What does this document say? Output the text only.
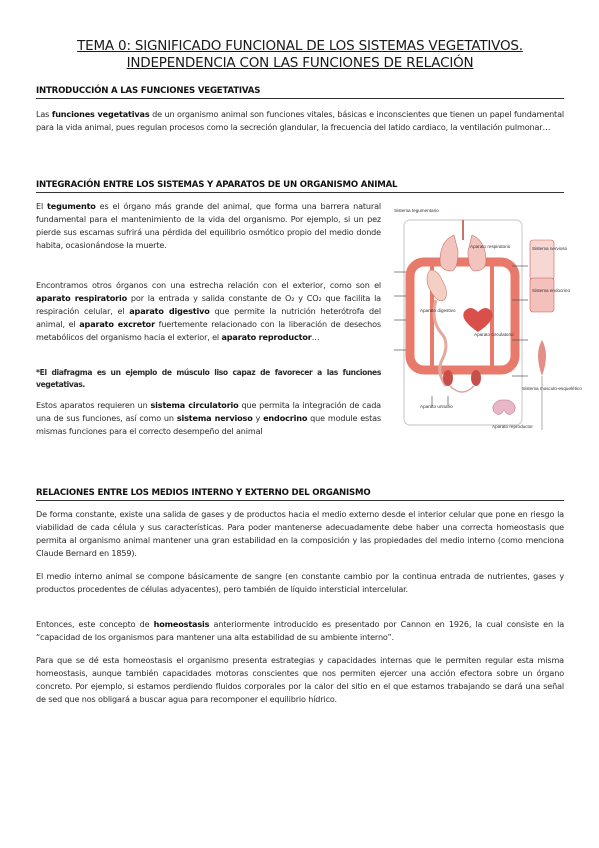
TEMA 0: SIGNIFICADO FUNCIONAL DE LOS SISTEMAS VEGETATIVOS.
INDEPENDENCIA CON LAS FUNCIONES DE RELACIÓN
INTRODUCCIÓN A LAS FUNCIONES VEGETATIVAS
Las funciones vegetativas de un organismo animal son funciones vitales, básicas e inconscientes que tienen un papel fundamental para la vida animal, pues regulan procesos como la secreción glandular, la frecuencia del latido cardiaco, la ventilación pulmonar…
INTEGRACIÓN ENTRE LOS SISTEMAS Y APARATOS DE UN ORGANISMO ANIMAL
El tegumento es el órgano más grande del animal, que forma una barrera natural fundamental para el mantenimiento de la vida del organismo. Por ejemplo, si un pez pierde sus escamas sufrirá una pérdida del equilibrio osmótico propio del medio donde habita, ocasionándose la muerte.
Encontramos otros órganos con una estrecha relación con el exterior, como son el aparato respiratorio por la entrada y salida constante de O₂ y CO₂ que facilita la respiración celular, el aparato digestivo que permite la nutrición heterótrofa del animal, el aparato excretor fuertemente relacionado con la liberación de desechos metabólicos del organismo hacia el exterior, el aparato reproductor…
*El diafragma es un ejemplo de músculo liso capaz de favorecer a las funciones vegetativas.
Estos aparatos requieren un sistema circulatorio que permita la integración de cada una de sus funciones, así como un sistema nervioso y endocrino que module estas mismas funciones para el correcto desempeño del animal
Sistema tegumentario
Aparato respiratorio	Sistema nervioso
Sistema endocrino
Aparato digestivo
Aparato circulatorio
Sistema musculo-esquelético
Aparato urinario
Aparato reproductor
RELACIONES ENTRE LOS MEDIOS INTERNO Y EXTERNO DEL ORGANISMO
De forma constante, existe una salida de gases y de productos hacia el medio externo desde el interior celular que pone en riesgo la viabilidad de cada célula y sus características. Para poder mantenerse adecuadamente debe haber una correcta homeostasis que permita al organismo animal mantener una gran estabilidad en la composición y las propiedades del medio interno (como menciona Claude Bernard en 1859).
El medio interno animal se compone básicamente de sangre (en constante cambio por la continua entrada de nutrientes, gases y productos procedentes de células adyacentes), pero también de líquido intersticial intercelular.
Entonces, este concepto de homeostasis anteriormente introducido es presentado por Cannon en 1926, la cual consiste en la “capacidad de los organismos para mantener una alta estabilidad de su ambiente interno”.
Para que se dé esta homeostasis el organismo presenta estrategias y capacidades internas que le permiten regular esta misma homeostasis, aunque también capacidades motoras conscientes que nos permiten ejercer una acción efectora sobre un órgano concreto. Por ejemplo, si estamos perdiendo fluidos corporales por la calor del sitio en el que estamos trabajando se dará una señal de sed que nos obligará a buscar agua para recomponer el equilibrio hídrico.
